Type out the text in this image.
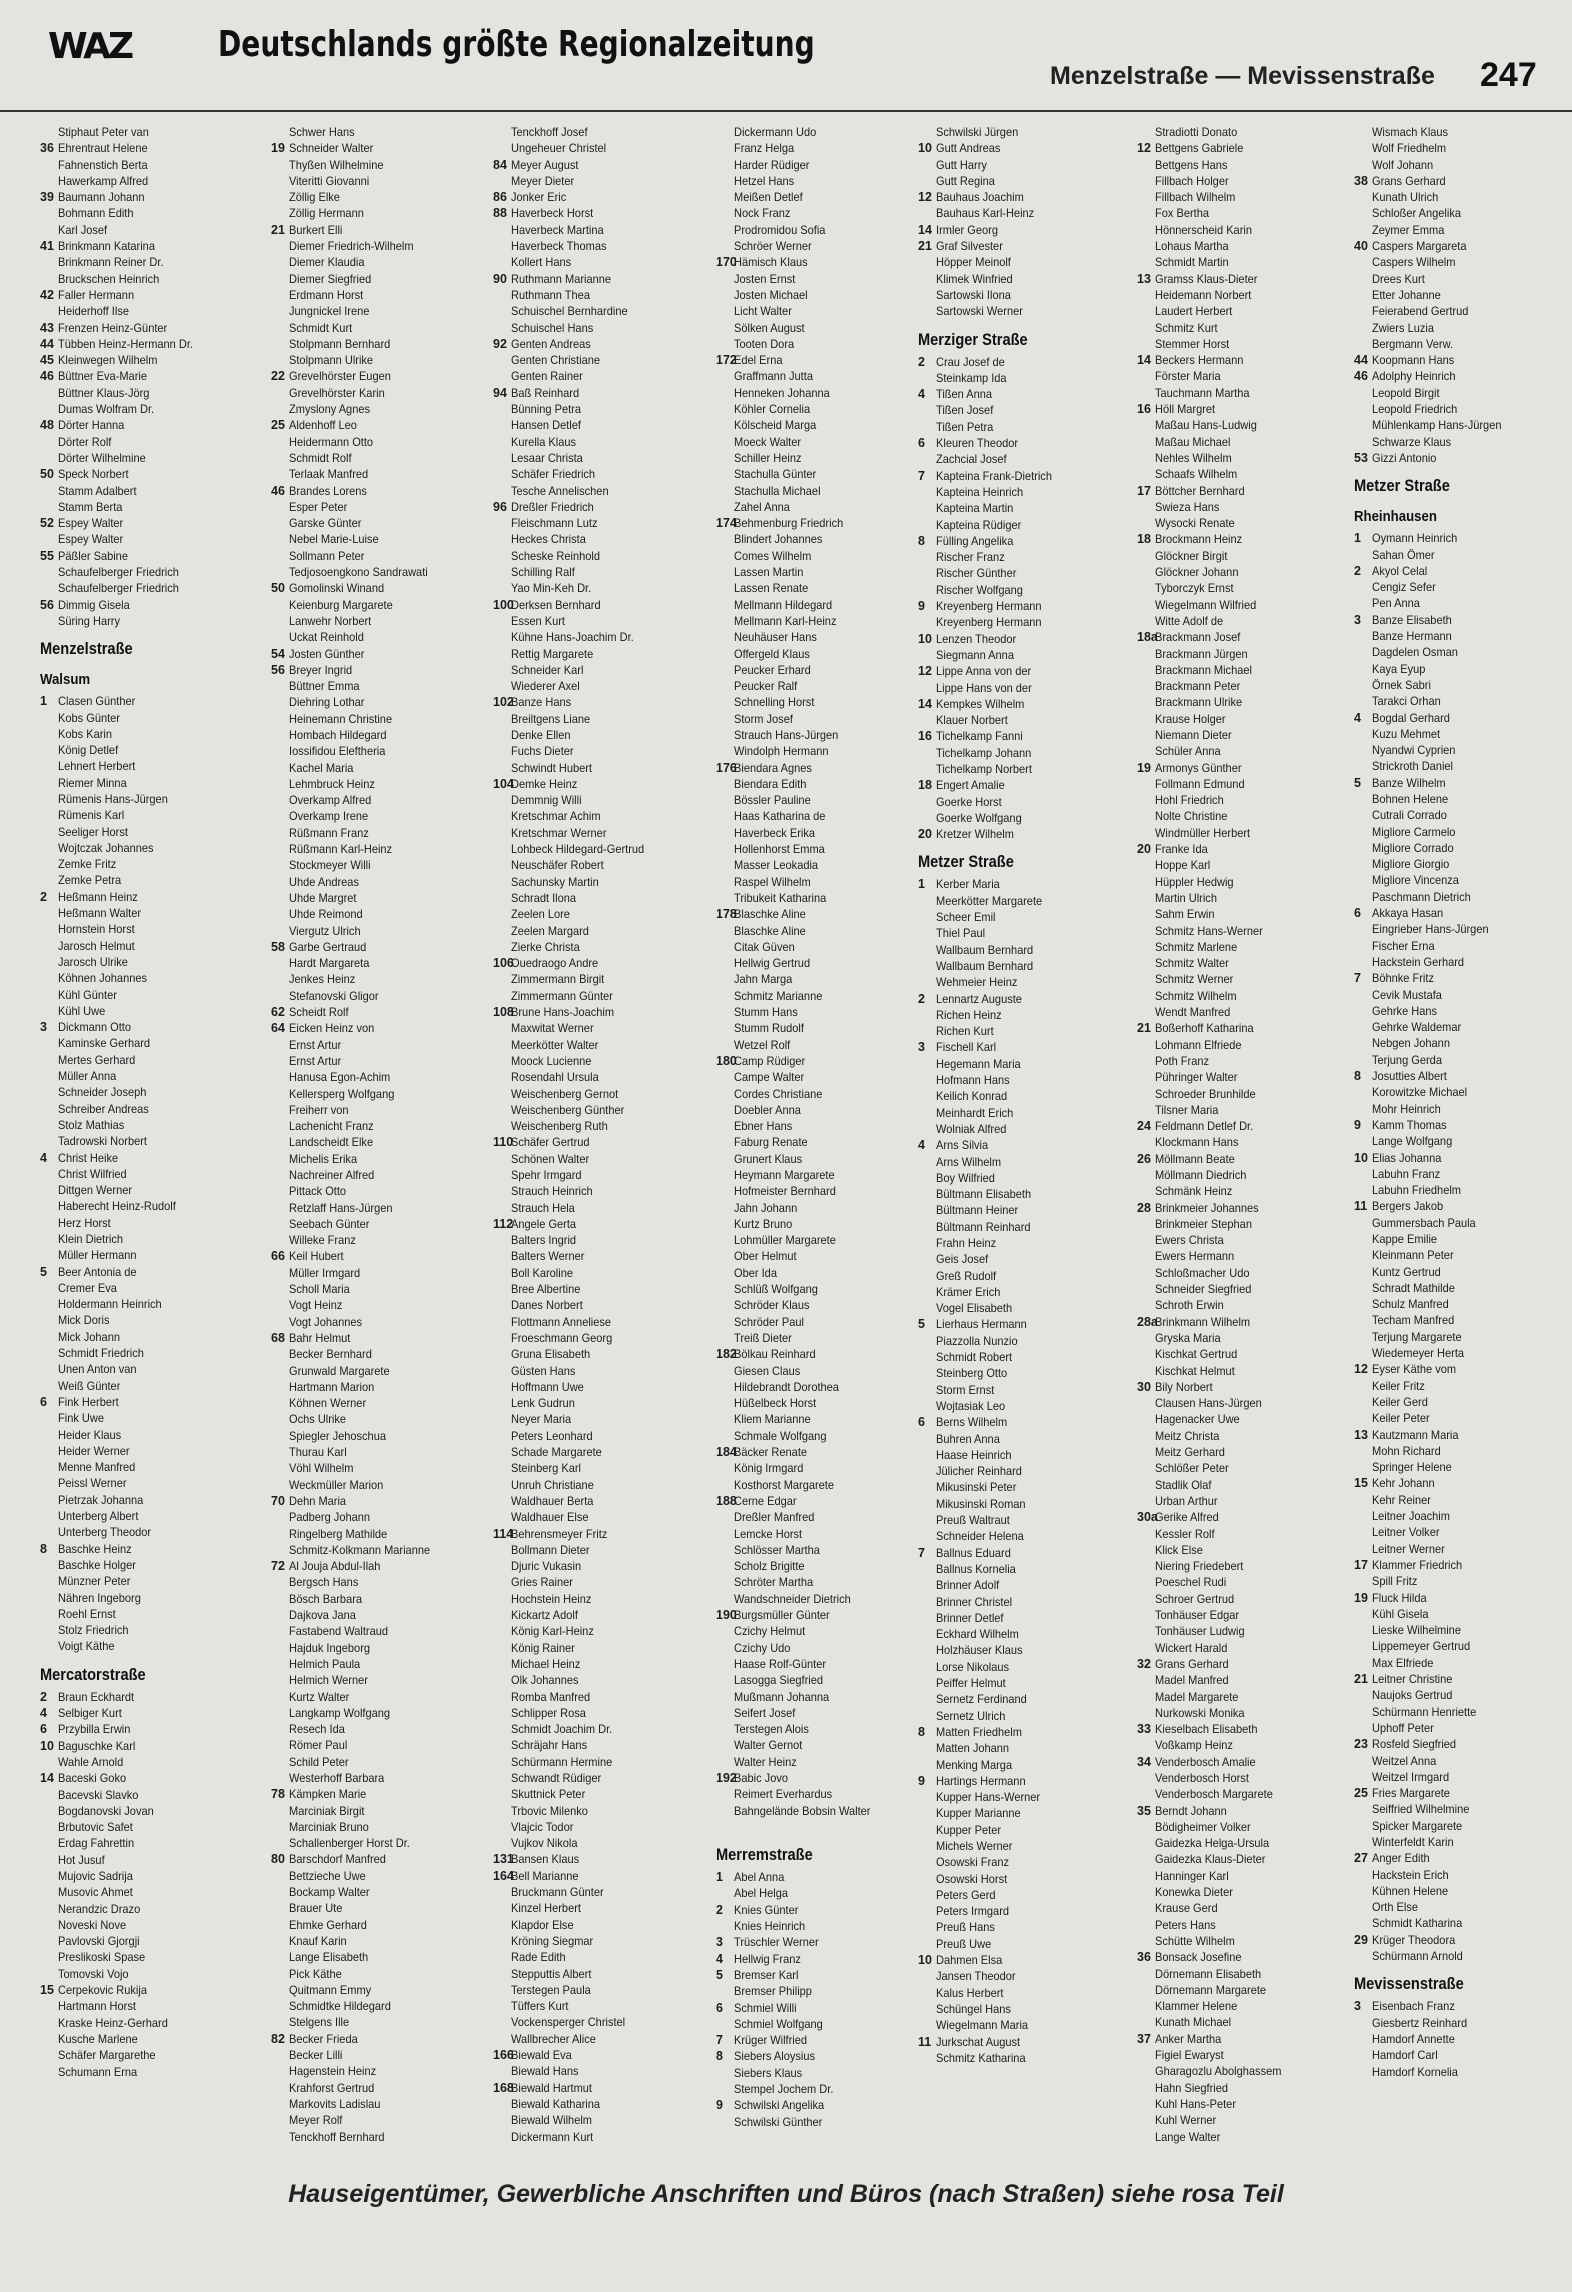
WAZ Deutschlands größte Regionalzeitung
Menzelstraße — Mevissenstraße 247
Stiphaut Peter van
36 Ehrentraut Helene
Fahnenstich Berta
Hawerkamp Alfred
39 Baumann Johann
Bohmann Edith
Karl Josef
41 Brinkmann Katarina
Brinkmann Reiner Dr.
Bruckschen Heinrich
42 Faller Hermann
Heiderhoff Ilse
43 Frenzen Heinz-Günter
44 Tübben Heinz-Hermann Dr.
45 Kleinwegen Wilhelm
46 Büttner Eva-Marie
Büttner Klaus-Jörg
Dumas Wolfram Dr.
48 Dörter Hanna
Dörter Rolf
Dörter Wilhelmine
50 Speck Norbert
Stamm Adalbert
Stamm Berta
52 Espey Walter
Espey Walter
55 Päßler Sabine
Schaufelberger Friedrich
Schaufelberger Friedrich
56 Dimmig Gisela
Süring Harry
Menzelstraße
Walsum
1 Clasen Günther
Kobs Günter
Kobs Karin
König Detlef
Lehnert Herbert
Riemer Minna
Rümenis Hans-Jürgen
Rümenis Karl
Seeliger Horst
Wojtczak Johannes
Zemke Fritz
Zemke Petra
2 Heßmann Heinz
Heßmann Walter
Hornstein Horst
Jarosch Helmut
Jarosch Ulrike
Köhnen Johannes
Kühl Günter
Kühl Uwe
3 Dickmann Otto
Kaminske Gerhard
Mertes Gerhard
Müller Anna
Schneider Joseph
Schreiber Andreas
Stolz Mathias
Tadrowski Norbert
4 Christ Heike
Christ Wilfried
Dittgen Werner
Haberecht Heinz-Rudolf
Herz Horst
Klein Dietrich
Müller Hermann
5 Beer Antonia de
Cremer Eva
Holdermann Heinrich
Mick Doris
Mick Johann
Schmidt Friedrich
Unen Anton van
Weiß Günter
6 Fink Herbert
Fink Uwe
Heider Klaus
Heider Werner
Menne Manfred
Peissl Werner
Pietrzak Johanna
Unterberg Albert
Unterberg Theodor
8 Baschke Heinz
Baschke Holger
Münzner Peter
Nähren Ingeborg
Roehl Ernst
Stolz Friedrich
Voigt Käthe
Mercatorstraße
2 Braun Eckhardt
4 Selbiger Kurt
6 Przybilla Erwin
10 Baguschke Karl
Wahle Arnold
14 Baceski Goko
Bacevski Slavko
Bogdanovski Jovan
Brbutovic Safet
Erdag Fahrettin
Hot Jusuf
Mujovic Sadrija
Musovic Ahmet
Nerandzic Drazo
Noveski Nove
Pavlovski Gjorgji
Preslikoski Spase
Tomovski Vojo
15 Cerpekovic Rukija
Hartmann Horst
Kraske Heinz-Gerhard
Kusche Marlene
Schäfer Margarethe
Schumann Erna
Schwer Hans
19 Schneider Walter
Thyßen Wilhelmine
Viteritti Giovanni
Zöllig Elke
Zöllig Hermann
21 Burkert Elli
Diemer Friedrich-Wilhelm
Diemer Klaudia
Diemer Siegfried
Erdmann Horst
Jungnickel Irene
Schmidt Kurt
Stolpmann Bernhard
Stolpmann Ulrike
22 Grevelhörster Eugen
Grevelhörster Karin
Zmyslony Agnes
25 Aldenhoff Leo
Heidermann Otto
Schmidt Rolf
Terlaak Manfred
46 Brandes Lorens
Esper Peter
Garske Günter
Nebel Marie-Luise
Sollmann Peter
Tedjosoengkono Sandrawati
50 Gomolinski Winand
Keienburg Margarete
Lanwehr Norbert
Uckat Reinhold
54 Josten Günther
56 Breyer Ingrid
Büttner Emma
Diehring Lothar
Heinemann Christine
Hombach Hildegard
Iossifidou Eleftheria
Kachel Maria
Lehmbruck Heinz
Overkamp Alfred
Overkamp Irene
Rüßmann Franz
Rüßmann Karl-Heinz
Stockmeyer Willi
Uhde Andreas
Uhde Margret
Uhde Reimond
Viergutz Ulrich
58 Garbe Gertraud
Hardt Margareta
Jenkes Heinz
Stefanovski Gligor
62 Scheidt Rolf
64 Eicken Heinz von
Ernst Artur
Ernst Artur
Hanusa Egon-Achim
Kellersperg Wolfgang
Freiherr von
Lachenicht Franz
Landscheidt Elke
Michelis Erika
Nachreiner Alfred
Pittack Otto
Retzlaff Hans-Jürgen
Seebach Günter
Willeke Franz
66 Keil Hubert
Müller Irmgard
Scholl Maria
Vogt Heinz
Vogt Johannes
68 Bahr Helmut
Becker Bernhard
Grunwald Margarete
Hartmann Marion
Köhnen Werner
Ochs Ulrike
Spiegler Jehoschua
Thurau Karl
Vöhl Wilhelm
Weckmüller Marion
70 Dehn Maria
Padberg Johann
Ringelberg Mathilde
Schmitz-Kolkmann Marianne
72 Al Jouja Abdul-Ilah
Bergsch Hans
Bösch Barbara
Dajkova Jana
Fastabend Waltraud
Hajduk Ingeborg
Helmich Paula
Helmich Werner
Kurtz Walter
Langkamp Wolfgang
Resech Ida
Römer Paul
Schild Peter
Westerhoff Barbara
78 Kämpken Marie
Marciniak Birgit
Marciniak Bruno
Schallenberger Horst Dr.
80 Barschdorf Manfred
Bettzieche Uwe
Bockamp Walter
Brauer Ute
Ehmke Gerhard
Knauf Karin
Lange Elisabeth
Pick Käthe
Quitmann Emmy
Schmidtke Hildegard
Stelgens Ille
82 Becker Frieda
Becker Lilli
Hagenstein Heinz
Krahforst Gertrud
Markovits Ladislau
Meyer Rolf
Tenckhoff Bernhard
Tenckhoff Josef
Ungeheuer Christel
84 Meyer August
Meyer Dieter
86 Jonker Eric
88 Haverbeck Horst
Haverbeck Martina
Haverbeck Thomas
Kollert Hans
90 Ruthmann Marianne
Ruthmann Thea
Schuischel Bernhardine
Schuischel Hans
92 Genten Andreas
Genten Christiane
Genten Rainer
94 Baß Reinhard
Bünning Petra
Hansen Detlef
Kurella Klaus
Lesaar Christa
Schäfer Friedrich
Tesche Annelischen
96 Dreßler Friedrich
Fleischmann Lutz
Heckes Christa
Scheske Reinhold
Schilling Ralf
Yao Min-Keh Dr.
100Derksen Bernhard
Essen Kurt
Kühne Hans-Joachim Dr.
Rettig Margarete
Schneider Karl
Wiederer Axel
102Banze Hans
Breiltgens Liane
Denke Ellen
Fuchs Dieter
Schwindt Hubert
104Demke Heinz
Demmnig Willi
Kretschmar Achim
Kretschmar Werner
Lohbeck Hildegard-Gertrud
Neuschäfer Robert
Sachunsky Martin
Schradt Ilona
Zeelen Lore
Zeelen Margard
Zierke Christa
106Ouedraogo Andre
Zimmermann Birgit
Zimmermann Günter
108Brune Hans-Joachim
Maxwitat Werner
Meerkötter Walter
Moock Lucienne
Rosendahl Ursula
Weischenberg Gernot
Weischenberg Günther
Weischenberg Ruth
110Schäfer Gertrud
Schönen Walter
Spehr Irmgard
Strauch Heinrich
Strauch Hela
112Angele Gerta
Balters Ingrid
Balters Werner
Boll Karoline
Bree Albertine
Danes Norbert
Flottmann Anneliese
Froeschmann Georg
Gruna Elisabeth
Güsten Hans
Hoffmann Uwe
Lenk Gudrun
Neyer Maria
Peters Leonhard
Schade Margarete
Steinberg Karl
Unruh Christiane
Waldhauer Berta
Waldhauer Else
114Behrensmeyer Fritz
Bollmann Dieter
Djuric Vukasin
Gries Rainer
Hochstein Heinz
Kickartz Adolf
König Karl-Heinz
König Rainer
Michael Heinz
Olk Johannes
Romba Manfred
Schlipper Rosa
Schmidt Joachim Dr.
Schräjahr Hans
Schürmann Hermine
Schwandt Rüdiger
Skuttnick Peter
Trbovic Milenko
Vlajcic Todor
Vujkov Nikola
131Bansen Klaus
164Bell Marianne
Bruckmann Günter
Kinzel Herbert
Klapdor Else
Kröning Siegmar
Rade Edith
Stepputtis Albert
Terstegen Paula
Tüffers Kurt
Vockensperger Christel
Wallbrecher Alice
166Biewald Eva
Biewald Hans
168Biewald Hartmut
Biewald Katharina
Biewald Wilhelm
Dickermann Kurt
Dickermann Udo
Franz Helga
Harder Rüdiger
Hetzel Hans
Meißen Detlef
Nock Franz
Prodromidou Sofia
Schröer Werner
170Hämisch Klaus
Josten Ernst
Josten Michael
Licht Walter
Sölken August
Tooten Dora
172Edel Erna
Graffmann Jutta
Henneken Johanna
Köhler Cornelia
Kölscheid Marga
Moeck Walter
Schiller Heinz
Stachulla Günter
Stachulla Michael
Zahel Anna
174Behmenburg Friedrich
Blindert Johannes
Comes Wilhelm
Lassen Martin
Lassen Renate
Mellmann Hildegard
Mellmann Karl-Heinz
Neuhäuser Hans
Offergeld Klaus
Peucker Erhard
Peucker Ralf
Schnelling Horst
Storm Josef
Strauch Hans-Jürgen
Windolph Hermann
176Biendara Agnes
Biendara Edith
Bössler Pauline
Haas Katharina de
Haverbeck Erika
Hollenhorst Emma
Masser Leokadia
Raspel Wilhelm
Tribukeit Katharina
178Blaschke Aline
Blaschke Aline
Citak Güven
Hellwig Gertrud
Jahn Marga
Schmitz Marianne
Stumm Hans
Stumm Rudolf
Wetzel Rolf
180Camp Rüdiger
Campe Walter
Cordes Christiane
Doebler Anna
Ebner Hans
Faburg Renate
Grunert Klaus
Heymann Margarete
Hofmeister Bernhard
Jahn Johann
Kurtz Bruno
Lohmüller Margarete
Ober Helmut
Ober Ida
Schlüß Wolfgang
Schröder Klaus
Schröder Paul
Treiß Dieter
182Bölkau Reinhard
Giesen Claus
Hildebrandt Dorothea
Hüßelbeck Horst
Kliem Marianne
Schmale Wolfgang
184Bäcker Renate
König Irmgard
Kosthorst Margarete
188Cerne Edgar
Dreßler Manfred
Lemcke Horst
Schlösser Martha
Scholz Brigitte
Schröter Martha
Wandschneider Dietrich
190Burgsmüller Günter
Czichy Helmut
Czichy Udo
Haase Rolf-Günter
Lasogga Siegfried
Mußmann Johanna
Seifert Josef
Terstegen Alois
Walter Gernot
Walter Heinz
192Babic Jovo
Reimert Everhardus
Bahngelände Bobsin Walter
Merremstraße
1 Abel Anna
Abel Helga
2 Knies Günter
Knies Heinrich
3 Trüschler Werner
4 Hellwig Franz
5 Bremser Karl
Bremser Philipp
6 Schmiel Willi
Schmiel Wolfgang
7 Krüger Wilfried
8 Siebers Aloysius
Siebers Klaus
Stempel Jochem Dr.
9 Schwilski Angelika
Schwilski Günther
Schwilski Jürgen
10 Gutt Andreas
Gutt Harry
Gutt Regina
12 Bauhaus Joachim
Bauhaus Karl-Heinz
14 Irmler Georg
21 Graf Silvester
Höpper Meinolf
Klimek Winfried
Sartowski Ilona
Sartowski Werner
Merziger Straße
2 Crau Josef de
Steinkamp Ida
4 Tißen Anna
Tißen Josef
Tißen Petra
6 Kleuren Theodor
Zachcial Josef
7 Kapteina Frank-Dietrich
Kapteina Heinrich
Kapteina Martin
Kapteina Rüdiger
8 Fülling Angelika
Rischer Franz
Rischer Günther
Rischer Wolfgang
9 Kreyenberg Hermann
Kreyenberg Hermann
10 Lenzen Theodor
Siegmann Anna
12 Lippe Anna von der
Lippe Hans von der
14 Kempkes Wilhelm
Klauer Norbert
16 Tichelkamp Fanni
Tichelkamp Johann
Tichelkamp Norbert
18 Engert Amalie
Goerke Horst
Goerke Wolfgang
20 Kretzer Wilhelm
Metzer Straße
1 Kerber Maria
Meerkötter Margarete
Scheer Emil
Thiel Paul
Wallbaum Bernhard
Wallbaum Bernhard
Wehmeier Heinz
2 Lennartz Auguste
Richen Heinz
Richen Kurt
3 Fischell Karl
Hegemann Maria
Hofmann Hans
Keilich Konrad
Meinhardt Erich
Wolniak Alfred
4 Arns Silvia
Arns Wilhelm
Boy Wilfried
Bültmann Elisabeth
Bültmann Heiner
Bültmann Reinhard
Frahn Heinz
Geis Josef
Greß Rudolf
Krämer Erich
Vogel Elisabeth
5 Lierhaus Hermann
Piazzolla Nunzio
Schmidt Robert
Steinberg Otto
Storm Ernst
Wojtasiak Leo
6 Berns Wilhelm
Buhren Anna
Haase Heinrich
Jülicher Reinhard
Mikusinski Peter
Mikusinski Roman
Preuß Waltraut
Schneider Helena
7 Ballnus Eduard
Ballnus Kornelia
Brinner Adolf
Brinner Christel
Brinner Detlef
Eckhard Wilhelm
Holzhäuser Klaus
Lorse Nikolaus
Peiffer Helmut
Sernetz Ferdinand
Sernetz Ulrich
8 Matten Friedhelm
Matten Johann
Menking Marga
9 Hartings Hermann
Kupper Hans-Werner
Kupper Marianne
Kupper Peter
Michels Werner
Osowski Franz
Osowski Horst
Peters Gerd
Peters Irmgard
Preuß Hans
Preuß Uwe
10 Dahmen Elsa
Jansen Theodor
Kalus Herbert
Schüngel Hans
Wiegelmann Maria
11 Jurkschat August
Schmitz Katharina
Stradiotti Donato
12 Bettgens Gabriele
Bettgens Hans
Fillbach Holger
Fillbach Wilhelm
Fox Bertha
Hönnerscheid Karin
Lohaus Martha
Schmidt Martin
13 Gramss Klaus-Dieter
Heidemann Norbert
Laudert Herbert
Schmitz Kurt
Stemmer Horst
14 Beckers Hermann
Förster Maria
Tauchmann Martha
16 Höll Margret
Maßau Hans-Ludwig
Maßau Michael
Nehles Wilhelm
Schaafs Wilhelm
17 Böttcher Bernhard
Swieza Hans
Wysocki Renate
18 Brockmann Heinz
Glöckner Birgit
Glöckner Johann
Tyborczyk Ernst
Wiegelmann Wilfried
Witte Adolf de
18aBrackmann Josef
Brackmann Jürgen
Brackmann Michael
Brackmann Peter
Brackmann Ulrike
Krause Holger
Niemann Dieter
Schüler Anna
19 Armonys Günther
Follmann Edmund
Hohl Friedrich
Nolte Christine
Windmüller Herbert
20 Franke Ida
Hoppe Karl
Hüppler Hedwig
Martin Ulrich
Sahm Erwin
Schmitz Hans-Werner
Schmitz Marlene
Schmitz Walter
Schmitz Werner
Schmitz Wilhelm
Wendt Manfred
21 Boßerhoff Katharina
Lohmann Elfriede
Poth Franz
Pühringer Walter
Schroeder Brunhilde
Tilsner Maria
24 Feldmann Detlef Dr.
Klockmann Hans
26 Möllmann Beate
Möllmann Diedrich
Schmänk Heinz
28 Brinkmeier Johannes
Brinkmeier Stephan
Ewers Christa
Ewers Hermann
Schloßmacher Udo
Schneider Siegfried
Schroth Erwin
28aBrinkmann Wilhelm
Gryska Maria
Kischkat Gertrud
Kischkat Helmut
30 Bily Norbert
Clausen Hans-Jürgen
Hagenacker Uwe
Meitz Christa
Meitz Gerhard
Schlößer Peter
Stadlik Olaf
Urban Arthur
30aGerike Alfred
Kessler Rolf
Klick Else
Niering Friedebert
Poeschel Rudi
Schroer Gertrud
Tonhäuser Edgar
Tonhäuser Ludwig
Wickert Harald
32 Grans Gerhard
Madel Manfred
Madel Margarete
Nurkowski Monika
33 Kieselbach Elisabeth
Voßkamp Heinz
34 Venderbosch Amalie
Venderbosch Horst
Venderbosch Margarete
35 Berndt Johann
Bödigheimer Volker
Gaidezka Helga-Ursula
Gaidezka Klaus-Dieter
Hanninger Karl
Konewka Dieter
Krause Gerd
Peters Hans
Schütte Wilhelm
36 Bonsack Josefine
Dörnemann Elisabeth
Dörnemann Margarete
Klammer Helene
Kunath Michael
37 Anker Martha
Figiel Ewaryst
Gharagozlu Abolghassem
Hahn Siegfried
Kuhl Hans-Peter
Kuhl Werner
Lange Walter
Wismach Klaus
Wolf Friedhelm
Wolf Johann
38 Grans Gerhard
Kunath Ulrich
Schloßer Angelika
Zeymer Emma
40 Caspers Margareta
Caspers Wilhelm
Drees Kurt
Etter Johanne
Feierabend Gertrud
Zwiers Luzia
Bergmann Verw.
44 Koopmann Hans
46 Adolphy Heinrich
Leopold Birgit
Leopold Friedrich
Mühlenkamp Hans-Jürgen
Schwarze Klaus
53 Gizzi Antonio
Metzer Straße
Rheinhausen
1 Oymann Heinrich
Sahan Ömer
2 Akyol Celal
Cengiz Sefer
Pen Anna
3 Banze Elisabeth
Banze Hermann
Dagdelen Osman
Kaya Eyup
Örnek Sabri
Tarakci Orhan
4 Bogdal Gerhard
Kuzu Mehmet
Nyandwi Cyprien
Strickroth Daniel
5 Banze Wilhelm
Bohnen Helene
Cutrali Corrado
Migliore Carmelo
Migliore Corrado
Migliore Giorgio
Migliore Vincenza
Paschmann Dietrich
6 Akkaya Hasan
Eingrieber Hans-Jürgen
Fischer Erna
Hackstein Gerhard
7 Böhnke Fritz
Cevik Mustafa
Gehrke Hans
Gehrke Waldemar
Nebgen Johann
Terjung Gerda
8 Josutties Albert
Korowitzke Michael
Mohr Heinrich
9 Kamm Thomas
Lange Wolfgang
10 Elias Johanna
Labuhn Franz
Labuhn Friedhelm
11 Bergers Jakob
Gummersbach Paula
Kappe Emilie
Kleinmann Peter
Kuntz Gertrud
Schradt Mathilde
Schulz Manfred
Techam Manfred
Terjung Margarete
Wiedemeyer Herta
12 Eyser Käthe vom
Keiler Fritz
Keiler Gerd
Keiler Peter
13 Kautzmann Maria
Mohn Richard
Springer Helene
15 Kehr Johann
Kehr Reiner
Leitner Joachim
Leitner Volker
Leitner Werner
17 Klammer Friedrich
Spill Fritz
19 Fluck Hilda
Kühl Gisela
Lieske Wilhelmine
Lippemeyer Gertrud
Max Elfriede
21 Leitner Christine
Naujoks Gertrud
Schürmann Henriette
Uphoff Peter
23 Rosfeld Siegfried
Weitzel Anna
Weitzel Irmgard
25 Fries Margarete
Seiffried Wilhelmine
Spicker Margarete
Winterfeldt Karin
27 Anger Edith
Hackstein Erich
Kühnen Helene
Orth Else
Schmidt Katharina
29 Krüger Theodora
Schürmann Arnold
Mevissenstraße
3 Eisenbach Franz
Giesbertz Reinhard
Hamdorf Annette
Hamdorf Carl
Hamdorf Kornelia
Hauseigentümer, Gewerbliche Anschriften und Büros (nach Straßen) siehe rosa Teil
